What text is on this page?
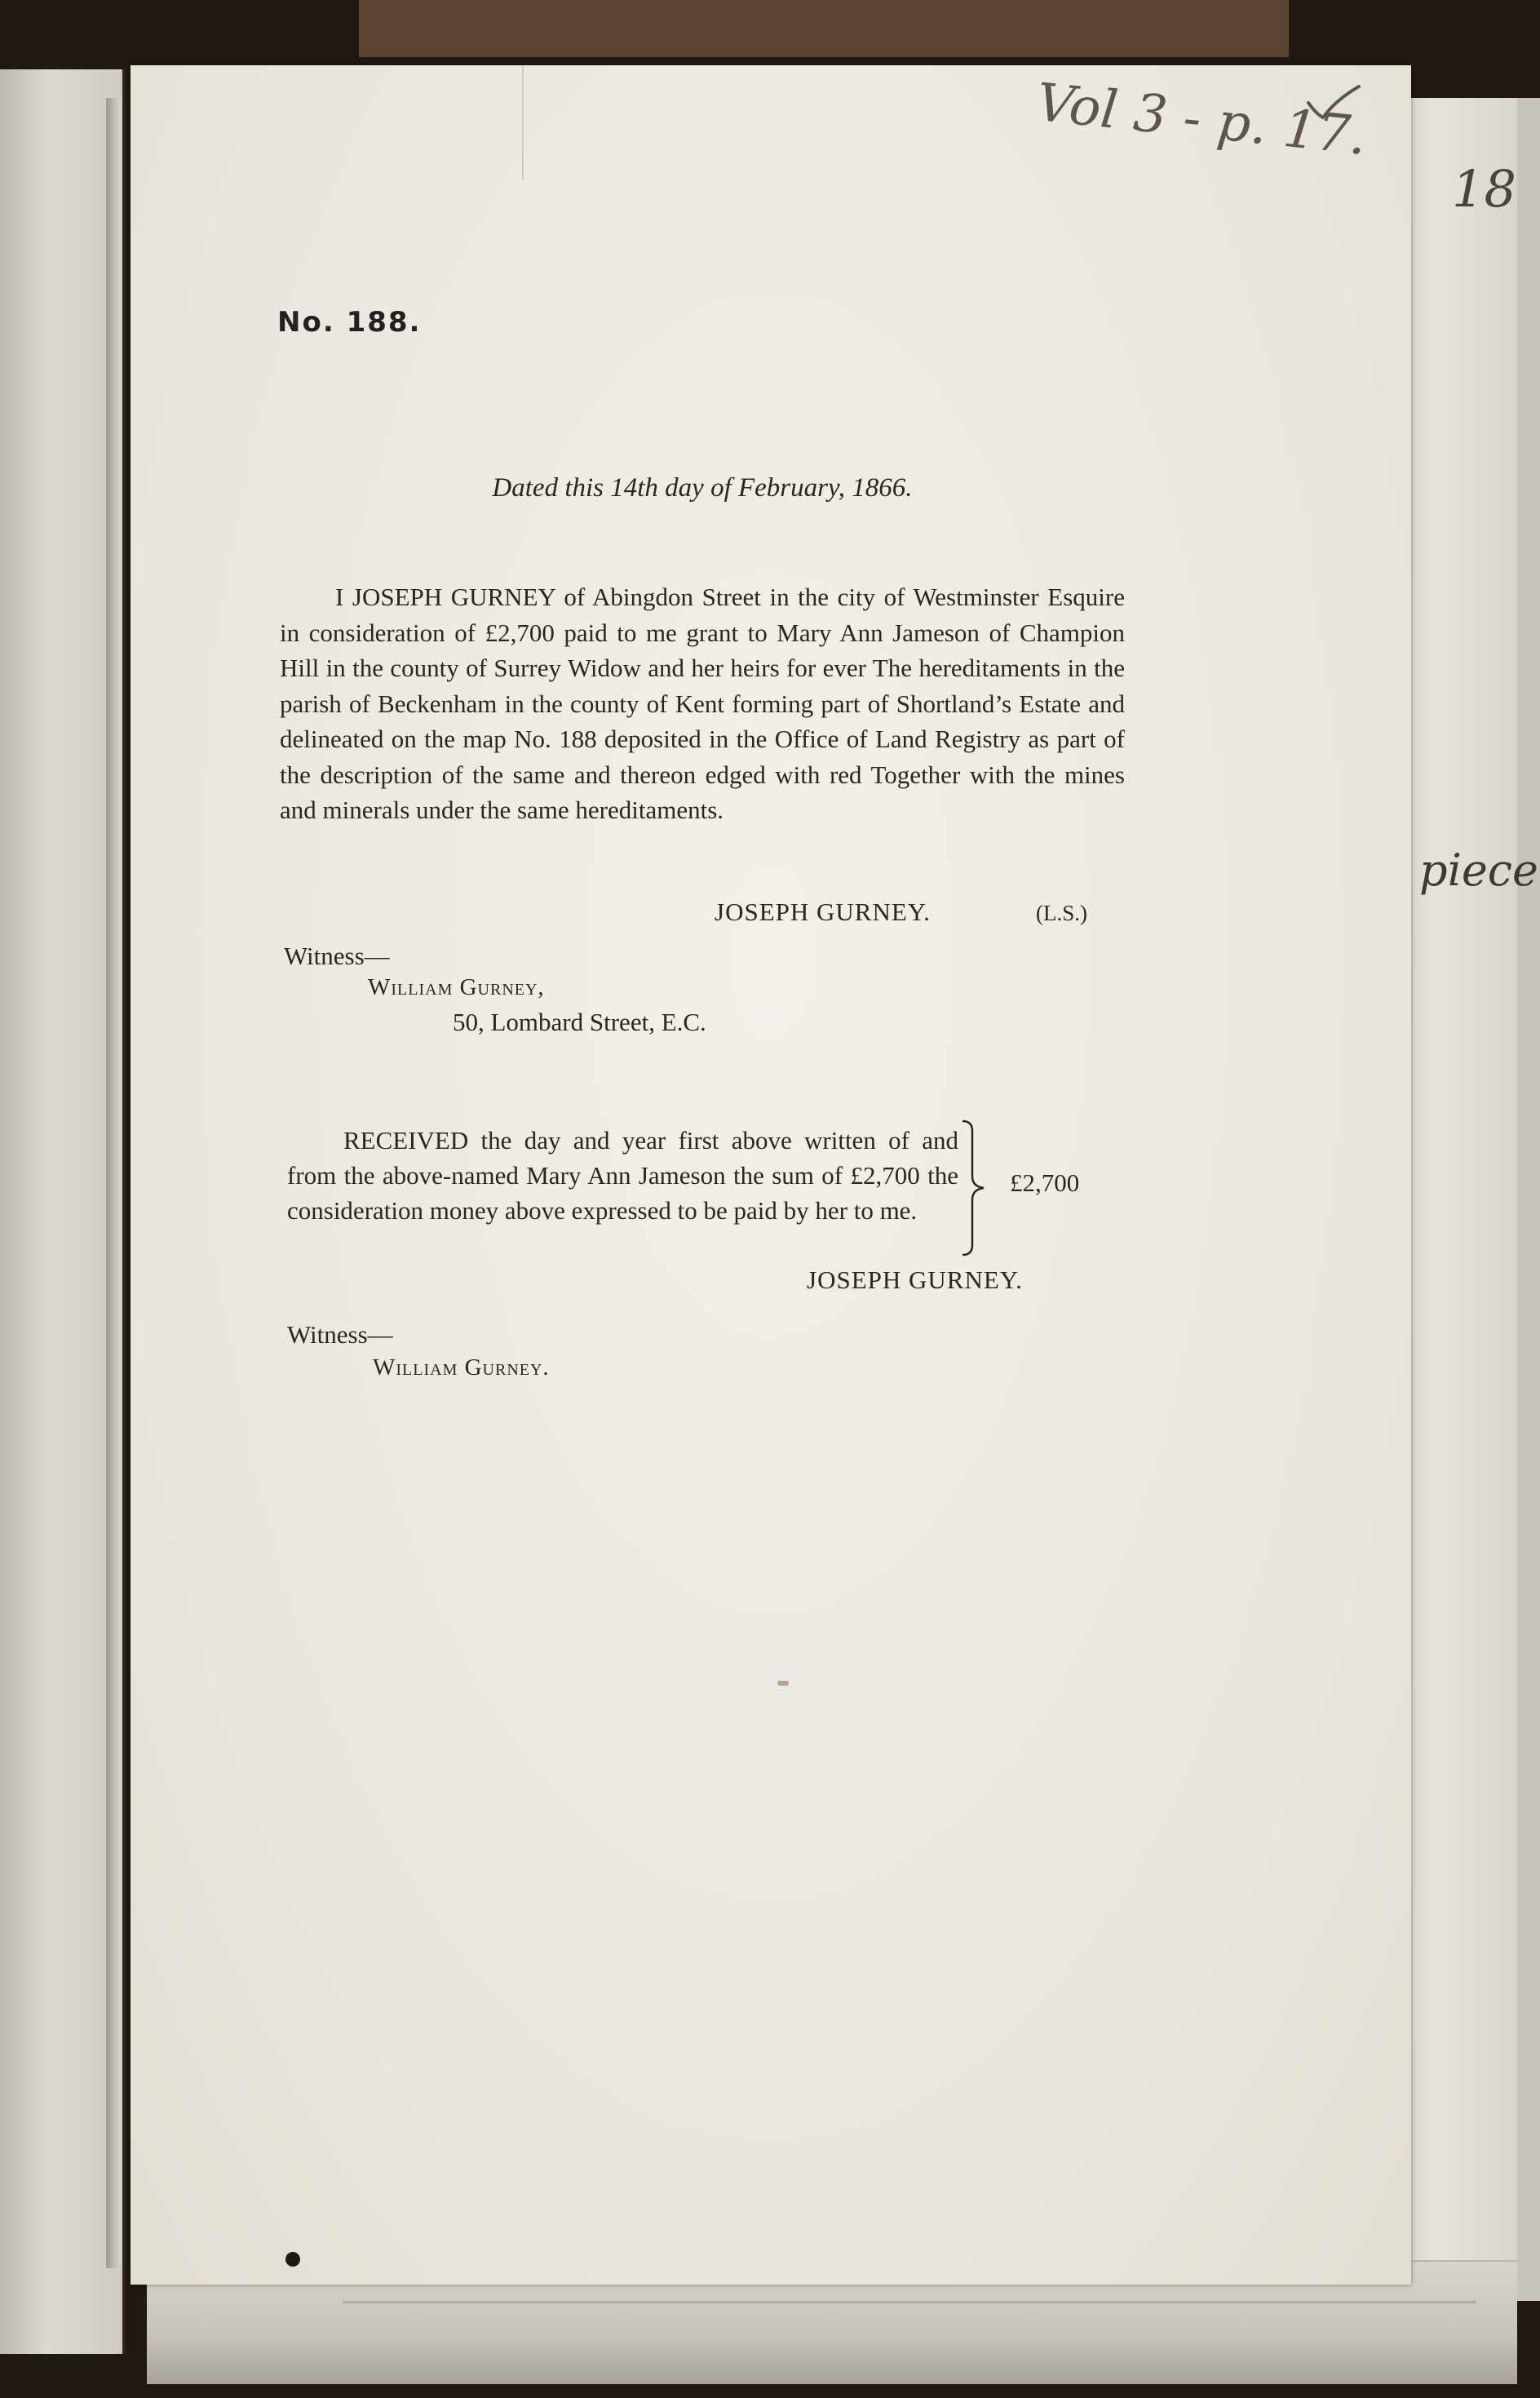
18
piece
Vol 3 - p. 17.
No. 188.
Dated this 14th day of February, 1866.
I JOSEPH GURNEY of Abingdon Street in the city of Westminster Esquire in consideration of £2,700 paid to me grant to Mary Ann Jameson of Champion Hill in the county of Surrey Widow and her heirs for ever The hereditaments in the parish of Beckenham in the county of Kent forming part of Shortland’s Estate and delineated on the map No. 188 deposited in the Office of Land Registry as part of the description of the same and thereon edged with red Together with the mines and minerals under the same hereditaments.
JOSEPH GURNEY.	(L.S.)
Witness—
William Gurney,
50, Lombard Street, E.C.
RECEIVED the day and year first above written of and from the above-named Mary Ann Jameson the sum of £2,700 the consideration money above expressed to be paid by her to me.
£2,700
JOSEPH GURNEY.
Witness—
William Gurney.
